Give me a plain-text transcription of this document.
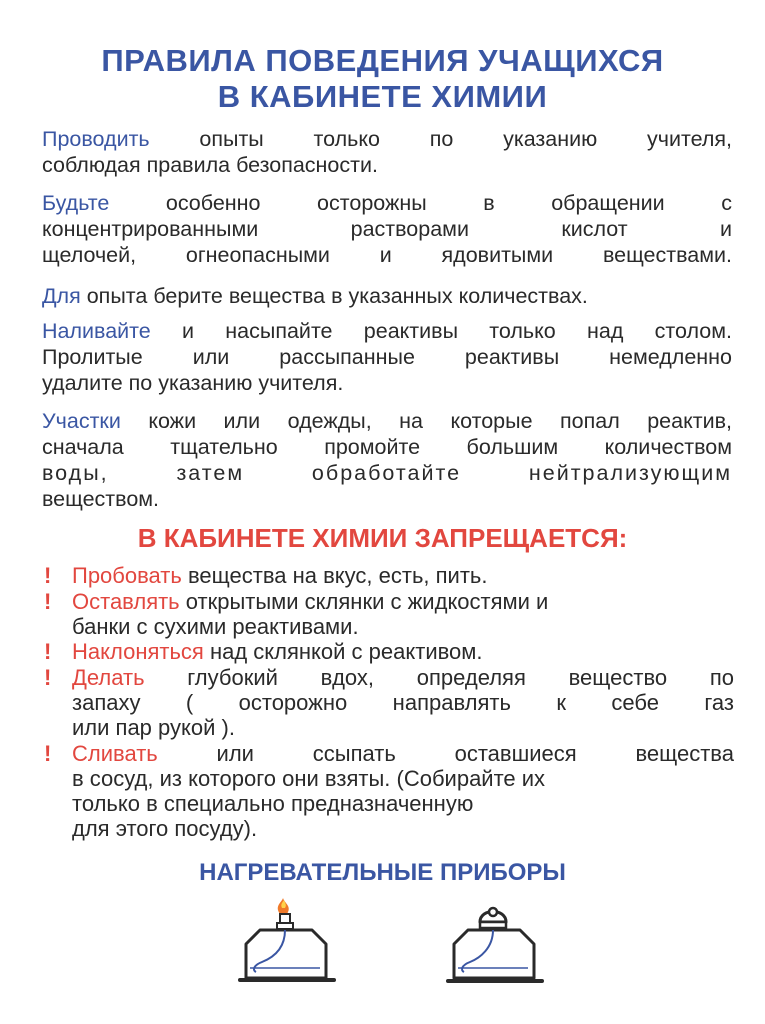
ПРАВИЛА ПОВЕДЕНИЯ УЧАЩИХСЯ
В КАБИНЕТЕ ХИМИИ
Проводить опыты только по указанию учителя,
соблюдая правила безопасности.
Будьте особенно осторожны в обращении с
концентрированными растворами кислот и
щелочей, огнеопасными и ядовитыми веществами.
Для опыта берите вещества в указанных количествах.
Наливайте и насыпайте реактивы только над столом.
Пролитые или рассыпанные реактивы немедленно
удалите по указанию учителя.
Участки кожи или одежды, на которые попал реактив,
сначала тщательно промойте большим количеством
воды, затем обработайте нейтрализующим
веществом.
В КАБИНЕТЕ ХИМИИ ЗАПРЕЩАЕТСЯ:
! Пробовать вещества на вкус, есть, пить.
! Оставлять открытыми склянки с жидкостями и
банки с сухими реактивами.
! Наклоняться над склянкой с реактивом.
! Делать глубокий вдох, определяя вещество по
запаху ( осторожно направлять к себе газ
или пар рукой ).
! Сливать или ссыпать оставшиеся вещества
в сосуд, из которого они взяты. (Собирайте их
только в специально предназначенную
для этого посуду).
НАГРЕВАТЕЛЬНЫЕ ПРИБОРЫ
